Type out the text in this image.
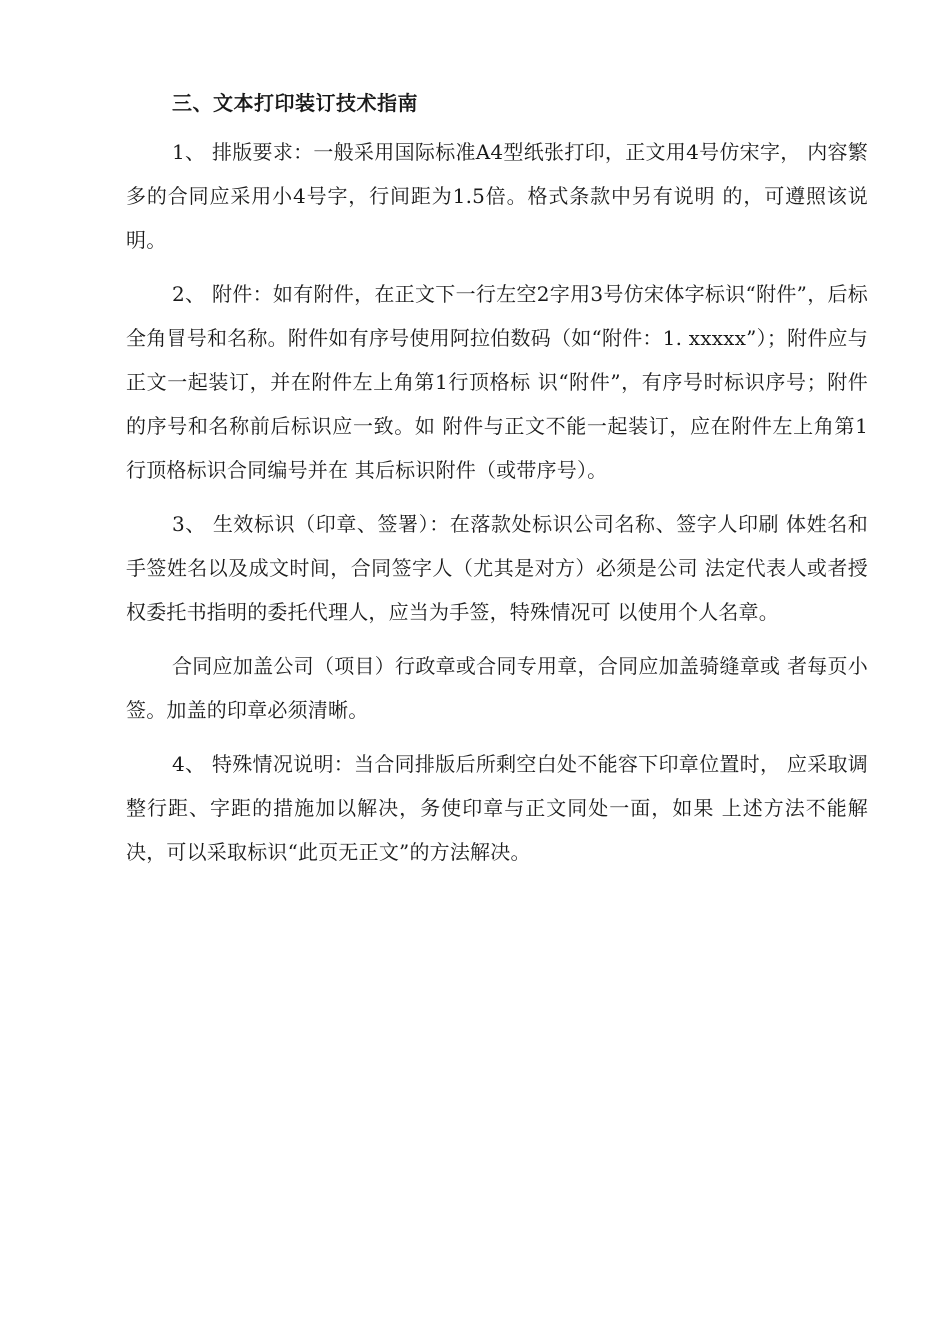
三、文本打印装订技术指南

1、 排版要求：一般采用国际标准A4型纸张打印，正文用4号仿宋字， 内容繁多的合同应采用小4号字，行间距为1.5倍。格式条款中另有说明 的，可遵照该说明。

2、 附件：如有附件，在正文下一行左空2字用3号仿宋体字标识“附件”，后标全角冒号和名称。附件如有序号使用阿拉伯数码（如“附件：1. xxxxx”）；附件应与正文一起装订，并在附件左上角第1行顶格标 识“附件”，有序号时标识序号；附件的序号和名称前后标识应一致。如 附件与正文不能一起装订，应在附件左上角第1行顶格标识合同编号并在 其后标识附件（或带序号）。

3、 生效标识（印章、签署）：在落款处标识公司名称、签字人印刷 体姓名和手签姓名以及成文时间，合同签字人（尤其是对方）必须是公司 法定代表人或者授权委托书指明的委托代理人，应当为手签，特殊情况可 以使用个人名章。

合同应加盖公司（项目）行政章或合同专用章，合同应加盖骑缝章或 者每页小签。加盖的印章必须清晰。

4、 特殊情况说明：当合同排版后所剩空白处不能容下印章位置时， 应采取调整行距、字距的措施加以解决，务使印章与正文同处一面，如果 上述方法不能解决，可以采取标识“此页无正文”的方法解决。
